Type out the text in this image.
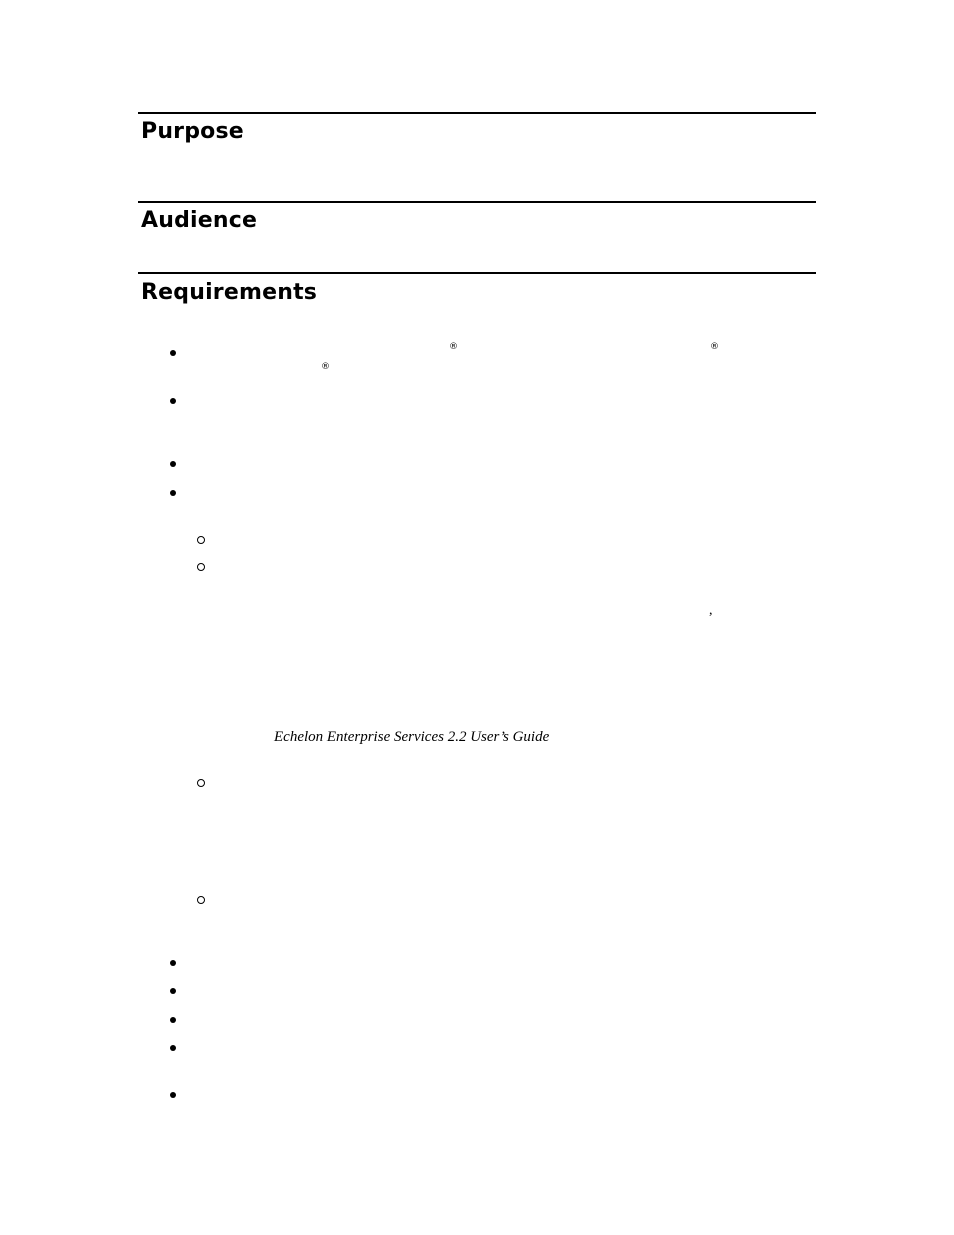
Purpose
Audience
Requirements
®	®
®
,
Echelon Enterprise Services 2.2 User’s Guide
